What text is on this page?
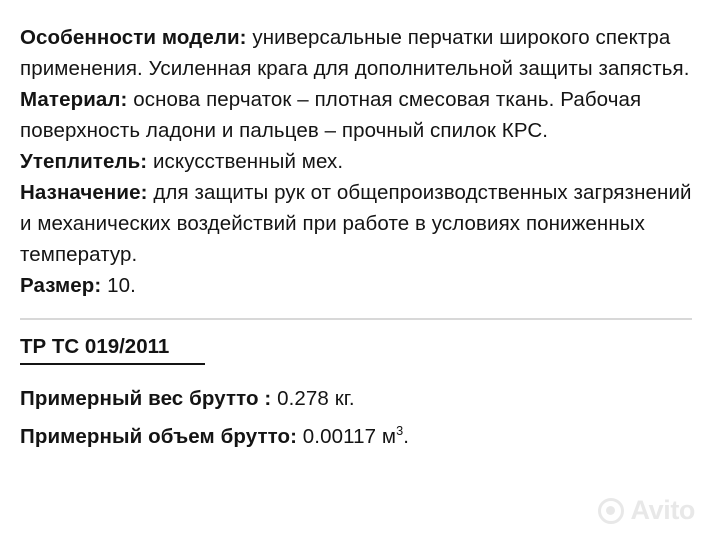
Особенности модели: универсальные перчатки широкого спектра применения. Усиленная крага для дополнительной защиты запястья.

Материал: основа перчаток – плотная смесовая ткань. Рабочая поверхность ладони и пальцев – прочный спилок КРС.

Утеплитель: искусственный мех.

Назначение: для защиты рук от общепроизводственных загрязнений и механических воздействий при работе в условиях пониженных температур.

Размер: 10.

ТР ТС 019/2011

Примерный вес брутто : 0.278 кг.

Примерный объем брутто: 0.00117 $м^3$.

Avito
